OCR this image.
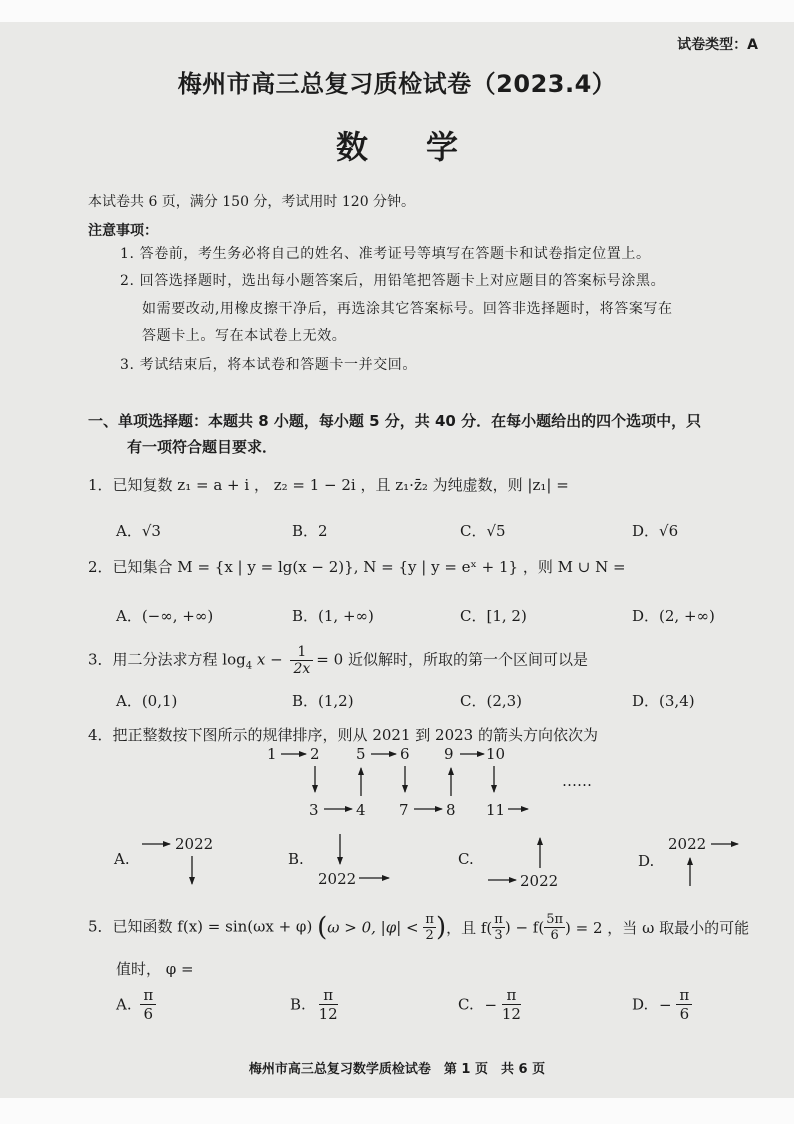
试卷类型：A
梅州市高三总复习质检试卷（2023.4）
数学
本试卷共 6 页，满分 150 分，考试用时 120 分钟。
注意事项：
1. 答卷前，考生务必将自己的姓名、准考证号等填写在答题卡和试卷指定位置上。
2. 回答选择题时，选出每小题答案后，用铅笔把答题卡上对应题目的答案标号涂黑。
如需要改动,用橡皮擦干净后，再选涂其它答案标号。回答非选择题时，将答案写在
答题卡上。写在本试卷上无效。
3. 考试结束后，将本试卷和答题卡一并交回。
一、单项选择题：本题共 8 小题，每小题 5 分，共 40 分．在每小题给出的四个选项中，只
有一项符合题目要求．
1．已知复数 z₁ = a + i ， z₂ = 1 − 2i ，且 z₁·z̄₂ 为纯虚数，则 |z₁| =
A．√3	B．2	C．√5	D．√6
2．已知集合 M = {x | y = lg(x − 2)}, N = {y | y = eˣ + 1} ，则 M ∪ N =
A．(−∞, +∞)	B．(1, +∞)	C．[1, 2)	D．(2, +∞)
3．用二分法求方程 $\log_4 x - \frac{1}{2x} = 0$ 近似解时，所取的第一个区间可以是
A．(0,1)	B．(1,2)	C．(2,3)	D．(3,4)
4．把正整数按下图所示的规律排序，则从 2021 到 2023 的箭头方向依次为
1 2
3 4
5 6
7 8
9 10
11
……
A.
2022
B.
2022
C.
2022
D.
2022
5．已知函数 f(x) = sin(ωx + φ) (ω > 0, $|\varphi| < \frac{\pi}{2}$ )，且 $f( \frac{\pi}{3}$ ) − $f( \frac{5\pi}{6}$ ) = 2 ，当 ω 取最小的可能
值时， φ =
A. $\frac{\pi}{6}$	B. $\frac{\pi}{12}$	C. − $\frac{\pi}{12}$	D. − $\frac{\pi}{6}$
梅州市高三总复习数学质检试卷　第 1 页　共 6 页
